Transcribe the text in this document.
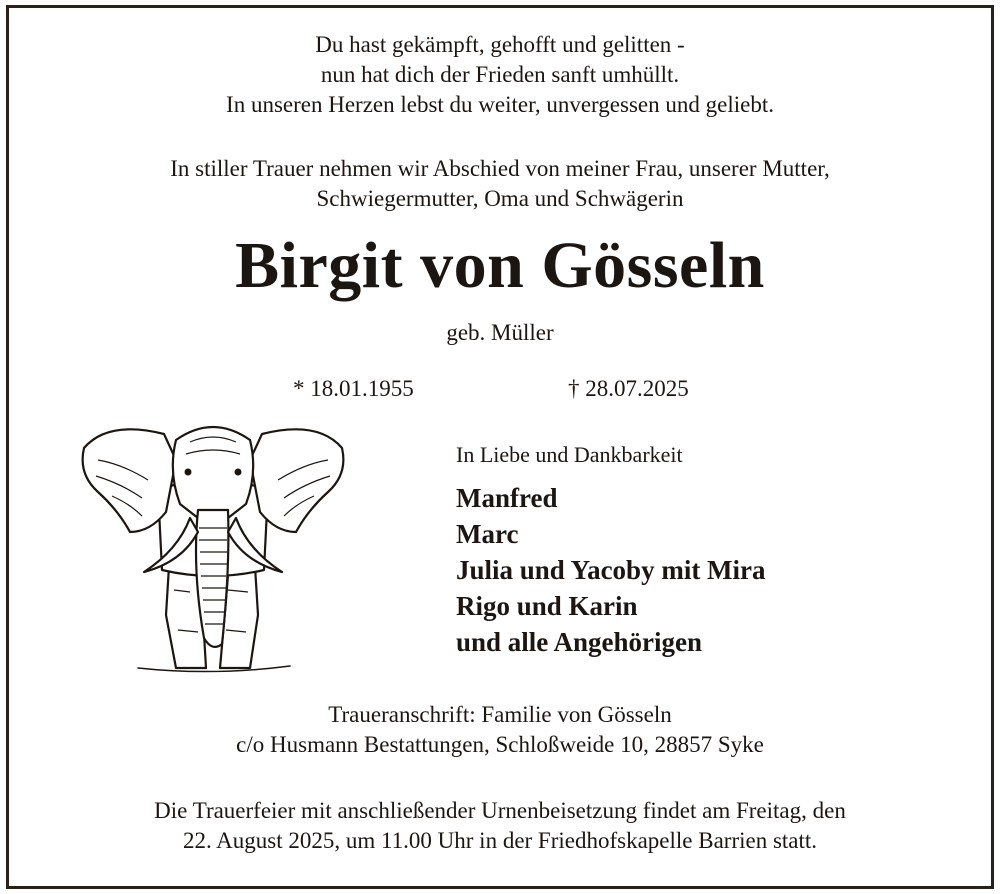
Du hast gekämpft, gehofft und gelitten -
nun hat dich der Frieden sanft umhüllt.
In unseren Herzen lebst du weiter, unvergessen und geliebt.
In stiller Trauer nehmen wir Abschied von meiner Frau, unserer Mutter,
Schwiegermutter, Oma und Schwägerin
Birgit von Gösseln
geb. Müller
* 18.01.1955	† 28.07.2025
In Liebe und Dankbarkeit
Manfred
Marc
Julia und Yacoby mit Mira
Rigo und Karin
und alle Angehörigen
Traueranschrift: Familie von Gösseln
c/o Husmann Bestattungen, Schloßweide 10, 28857 Syke
Die Trauerfeier mit anschließender Urnenbeisetzung findet am Freitag, den
22. August 2025, um 11.00 Uhr in der Friedhofskapelle Barrien statt.
